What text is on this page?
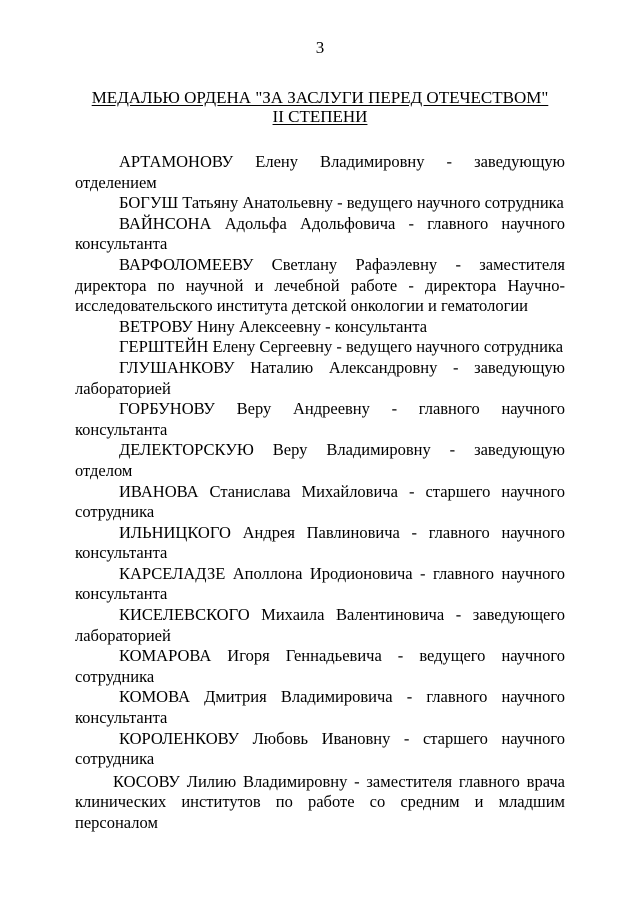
3
МЕДАЛЬЮ ОРДЕНА "ЗА ЗАСЛУГИ ПЕРЕД ОТЕЧЕСТВОМ"
II СТЕПЕНИ

АРТАМОНОВУ Елену Владимировну - заведующую отделением

БОГУШ Татьяну Анатольевну - ведущего научного сотрудника

ВАЙНСОНА Адольфа Адольфовича - главного научного консультанта

ВАРФОЛОМЕЕВУ Светлану Рафаэлевну - заместителя директора по научной и лечебной работе - директора Научно-исследовательского института детской онкологии и гематологии

ВЕТРОВУ Нину Алексеевну - консультанта

ГЕРШТЕЙН Елену Сергеевну - ведущего научного сотрудника

ГЛУШАНКОВУ Наталию Александровну - заведующую лабораторией

ГОРБУНОВУ Веру Андреевну - главного научного консультанта

ДЕЛЕКТОРСКУЮ Веру Владимировну - заведующую отделом

ИВАНОВА Станислава Михайловича - старшего научного сотрудника

ИЛЬНИЦКОГО Андрея Павлиновича - главного научного консультанта

КАРСЕЛАДЗЕ Аполлона Иродионовича - главного научного консультанта

КИСЕЛЕВСКОГО Михаила Валентиновича - заведующего лабораторией

КОМАРОВА Игоря Геннадьевича - ведущего научного сотрудника

КОМОВА Дмитрия Владимировича - главного научного консультанта

КОРОЛЕНКОВУ Любовь Ивановну - старшего научного сотрудника

КОСОВУ Лилию Владимировну - заместителя главного врача клинических институтов по работе со средним и младшим персоналом
